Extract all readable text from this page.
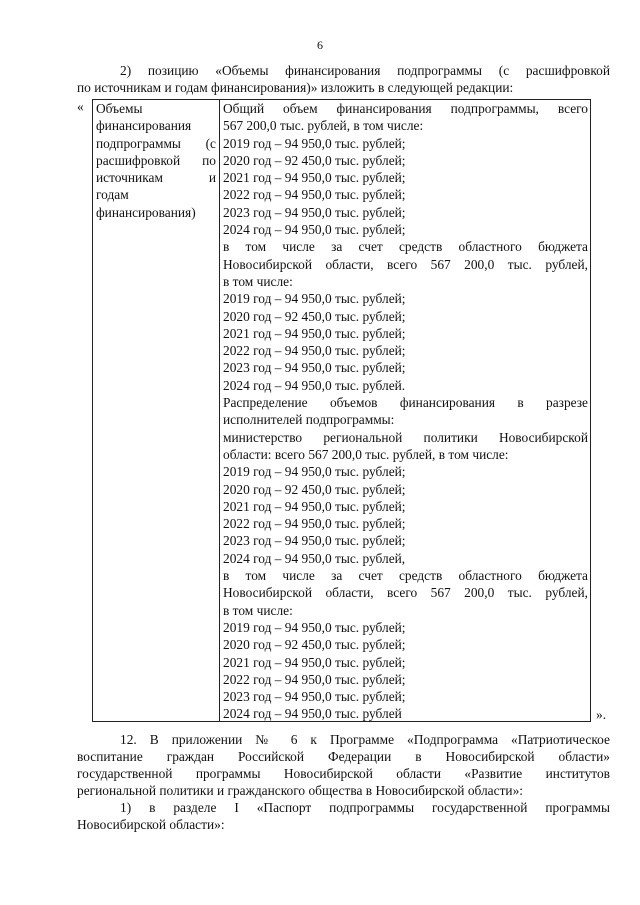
6
2) позицию «Объемы финансирования подпрограммы (с расшифровкой
по источникам и годам финансирования)» изложить в следующей редакции:
« Объемы
финансирования
подпрограммы (с
расшифровкой по
источникам и
годам
финансирования)
Общий объем финансирования подпрограммы, всего
567 200,0 тыс. рублей, в том числе:
2019 год – 94 950,0 тыс. рублей;
2020 год – 92 450,0 тыс. рублей;
2021 год – 94 950,0 тыс. рублей;
2022 год – 94 950,0 тыс. рублей;
2023 год – 94 950,0 тыс. рублей;
2024 год – 94 950,0 тыс. рублей;
в том числе за счет средств областного бюджета
Новосибирской области, всего 567 200,0 тыс. рублей,
в том числе:
2019 год – 94 950,0 тыс. рублей;
2020 год – 92 450,0 тыс. рублей;
2021 год – 94 950,0 тыс. рублей;
2022 год – 94 950,0 тыс. рублей;
2023 год – 94 950,0 тыс. рублей;
2024 год – 94 950,0 тыс. рублей.
Распределение объемов финансирования в разрезе
исполнителей подпрограммы:
министерство региональной политики Новосибирской
области: всего 567 200,0 тыс. рублей, в том числе:
2019 год – 94 950,0 тыс. рублей;
2020 год – 92 450,0 тыс. рублей;
2021 год – 94 950,0 тыс. рублей;
2022 год – 94 950,0 тыс. рублей;
2023 год – 94 950,0 тыс. рублей;
2024 год – 94 950,0 тыс. рублей,
в том числе за счет средств областного бюджета
Новосибирской области, всего 567 200,0 тыс. рублей,
в том числе:
2019 год – 94 950,0 тыс. рублей;
2020 год – 92 450,0 тыс. рублей;
2021 год – 94 950,0 тыс. рублей;
2022 год – 94 950,0 тыс. рублей;
2023 год – 94 950,0 тыс. рублей;
2024 год – 94 950,0 тыс. рублей	».
12. В приложении № 6 к Программе «Подпрограмма «Патриотическое
воспитание граждан Российской Федерации в Новосибирской области»
государственной программы Новосибирской области «Развитие институтов
региональной политики и гражданского общества в Новосибирской области»:
1) в разделе I «Паспорт подпрограммы государственной программы
Новосибирской области»:
